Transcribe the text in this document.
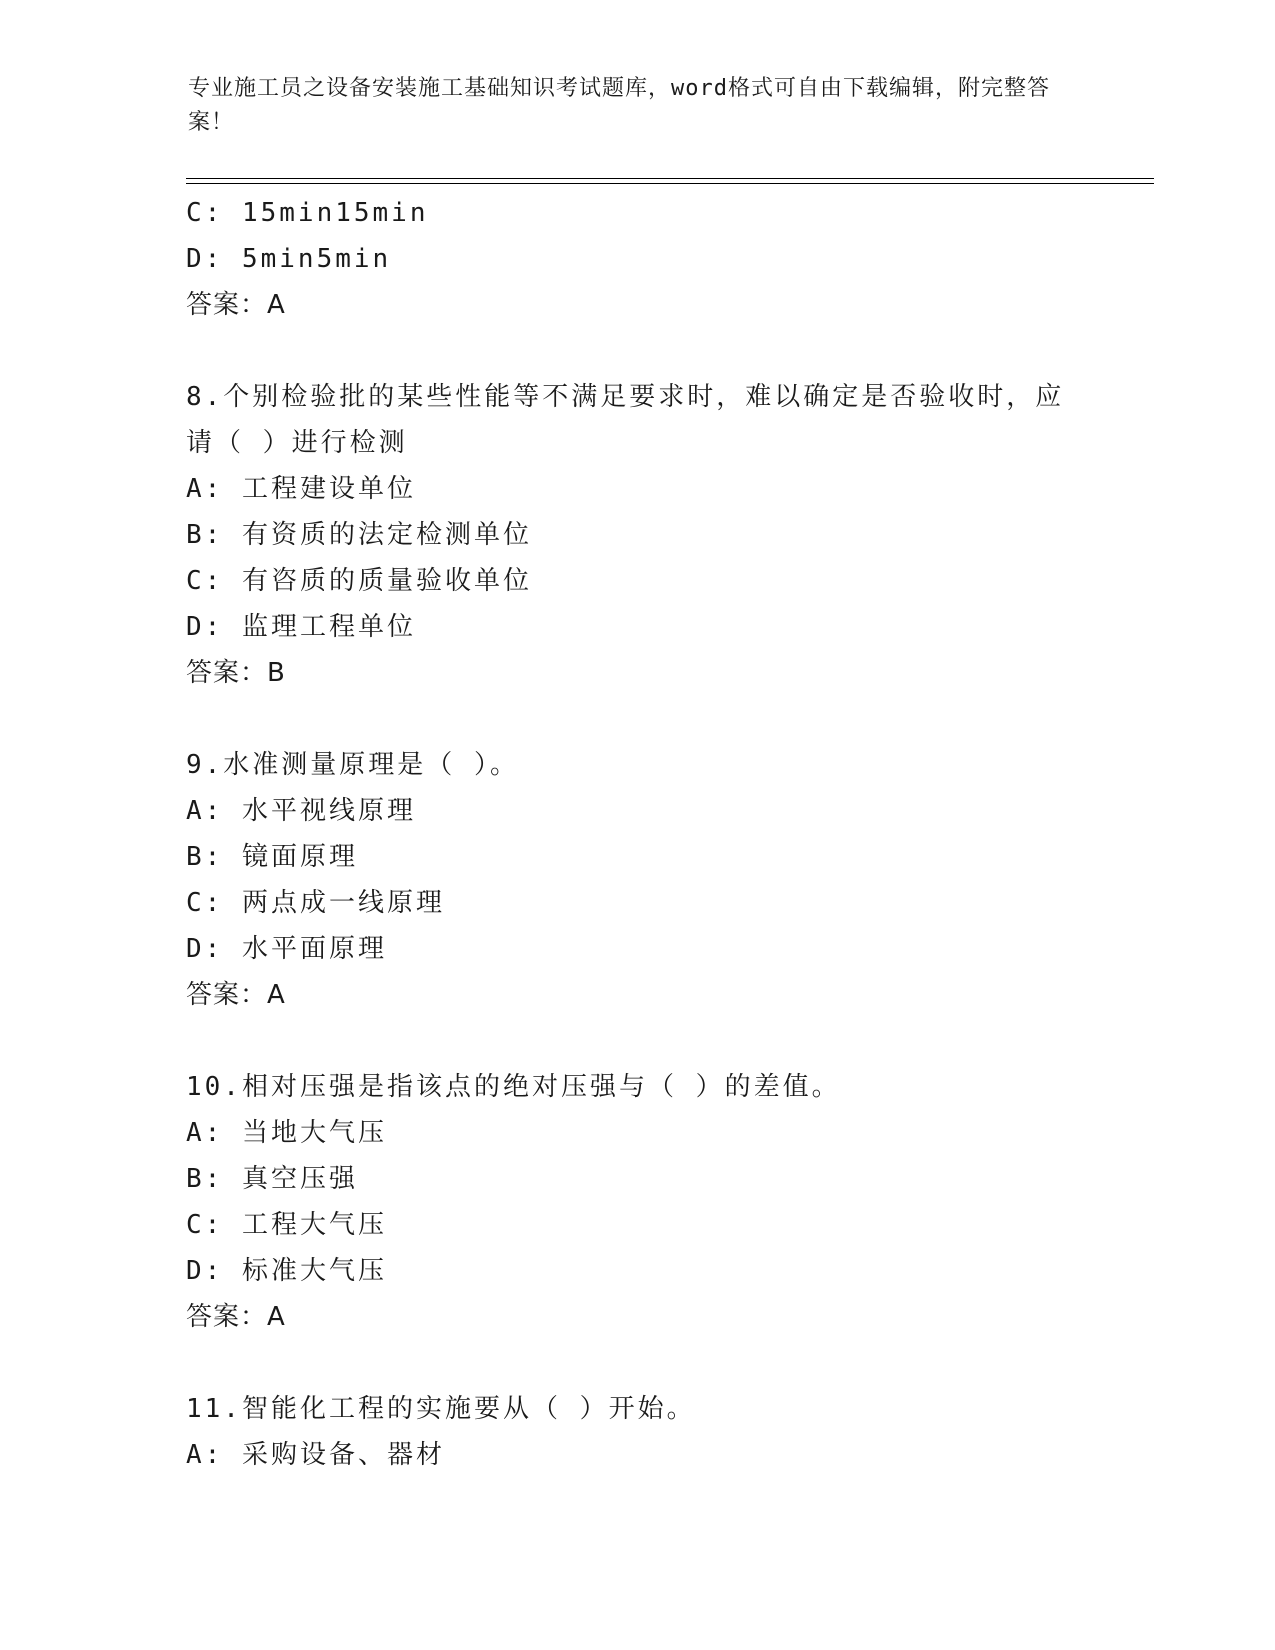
专业施工员之设备安装施工基础知识考试题库，word格式可自由下载编辑，附完整答案！
C: 15min15min
D: 5min5min
答案：A
8.个别检验批的某些性能等不满足要求时，难以确定是否验收时，应
请（ ）进行检测
A: 工程建设单位
B: 有资质的法定检测单位
C: 有咨质的质量验收单位
D: 监理工程单位
答案：B
9.水准测量原理是（ ）。
A: 水平视线原理
B: 镜面原理
C: 两点成一线原理
D: 水平面原理
答案：A
10.相对压强是指该点的绝对压强与（ ）的差值。
A: 当地大气压
B: 真空压强
C: 工程大气压
D: 标准大气压
答案：A
11.智能化工程的实施要从（ ）开始。
A: 采购设备、器材
